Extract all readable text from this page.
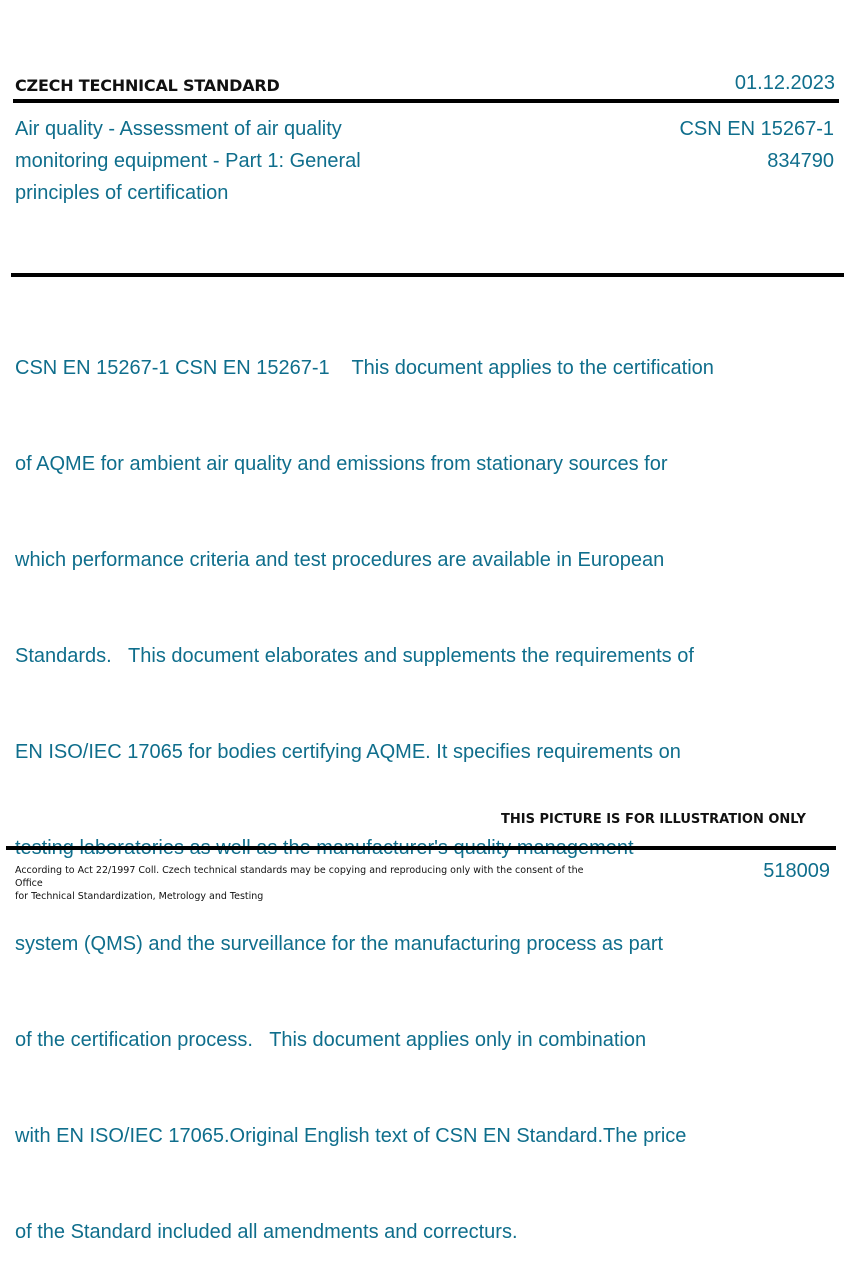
CZECH TECHNICAL STANDARD	01.12.2023
Air quality - Assessment of air quality
monitoring equipment - Part 1: General
principles of certification
CSN EN 15267-1
834790

CSN EN 15267-1 CSN EN 15267-1    This document applies to the certification

of AQME for ambient air quality and emissions from stationary sources for

which performance criteria and test procedures are available in European

Standards.   This document elaborates and supplements the requirements of

EN ISO/IEC 17065 for bodies certifying AQME. It specifies requirements on

system (QMS) and the surveillance for the manufacturing process as part

of the certification process.   This document applies only in combination

with EN ISO/IEC 17065.Original English text of CSN EN Standard.The price

of the Standard included all amendments and correcturs.

THIS PICTURE IS FOR ILLUSTRATION ONLY
According to Act 22/1997 Coll. Czech technical standards may be copying and reproducing only with the consent of the Office
for Technical Standardization, Metrology and Testing
518009
